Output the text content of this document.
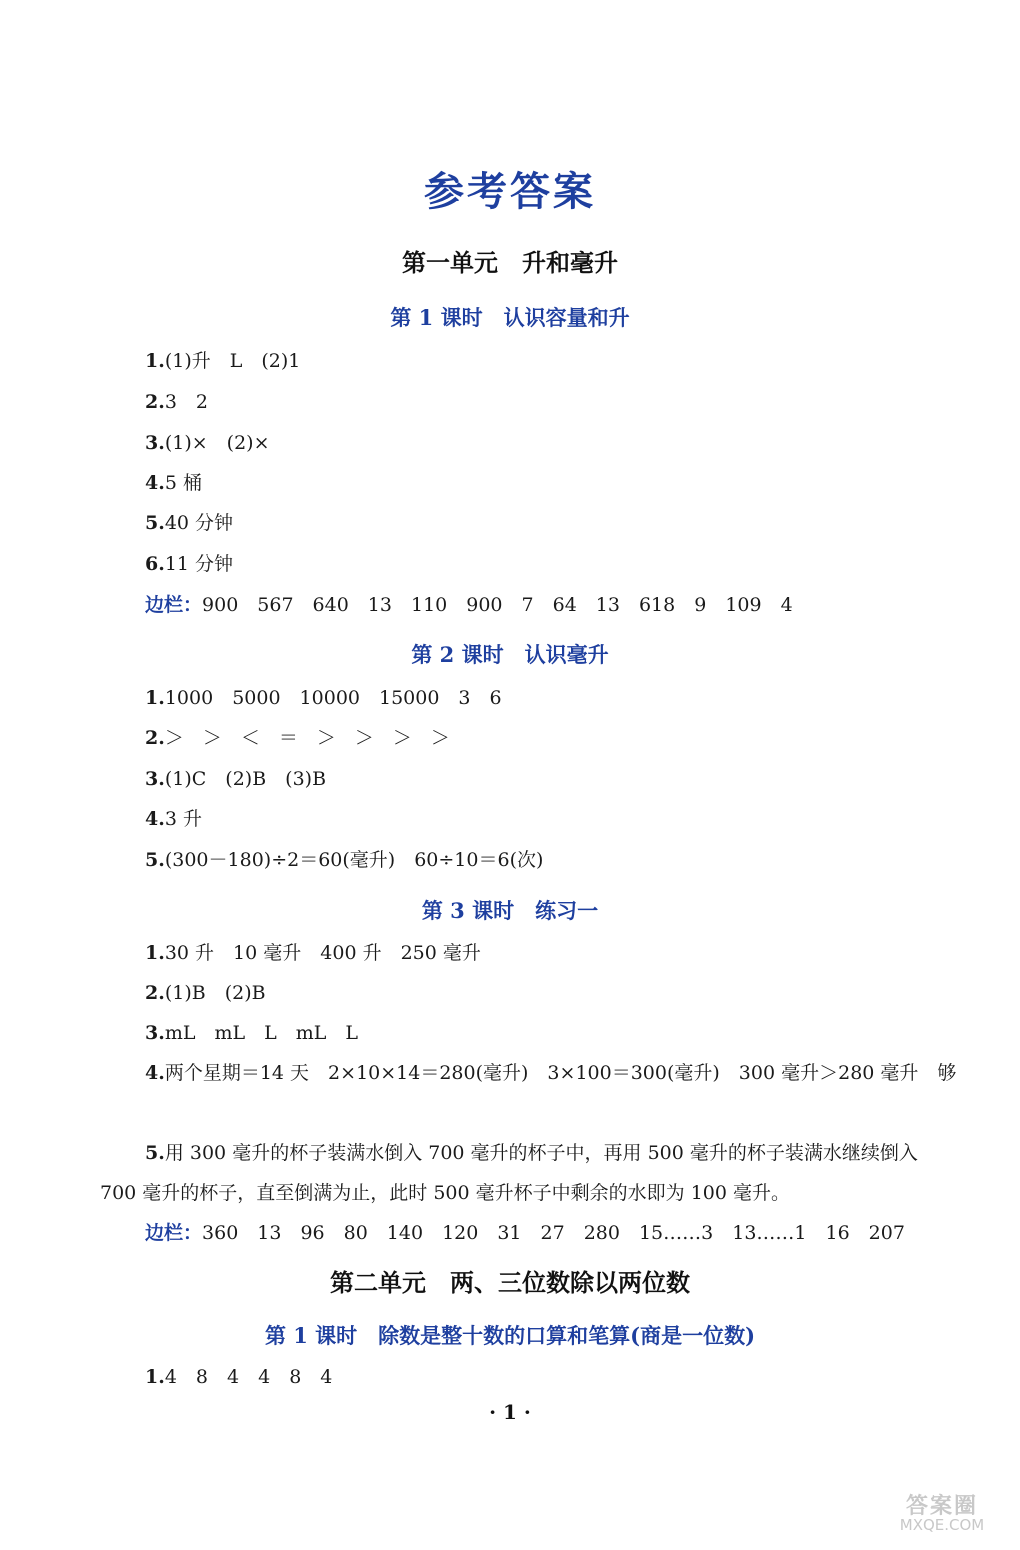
参考答案
第一单元　升和毫升
第 1 课时　认识容量和升
1.(1)升　L　(2)1
2.3　2
3.(1)×　(2)×
4.5 桶
5.40 分钟
6.11 分钟
边栏：900　567　640　13　110　900　7　64　13　618　9　109　4
第 2 课时　认识毫升
1.1000　5000　10000　15000　3　6
2.＞　＞　＜　＝　＞　＞　＞　＞
3.(1)C　(2)B　(3)B
4.3 升
5.(300－180)÷2＝60(毫升)　60÷10＝6(次)
第 3 课时　练习一
1.30 升　10 毫升　400 升　250 毫升
2.(1)B　(2)B
3.mL　mL　L　mL　L
4.两个星期＝14 天　2×10×14＝280(毫升)　3×100＝300(毫升)　300 毫升＞280 毫升　够
5.用 300 毫升的杯子装满水倒入 700 毫升的杯子中，再用 500 毫升的杯子装满水继续倒入 700 毫升的杯子，直至倒满为止，此时 500 毫升杯子中剩余的水即为 100 毫升。
边栏：360　13　96　80　140　120　31　27　280　15……3　13……1　16　207
第二单元　两、三位数除以两位数
第 1 课时　除数是整十数的口算和笔算(商是一位数)
1.4　8　4　4　8　4
· 1 ·
答案圈
MXQE.COM
